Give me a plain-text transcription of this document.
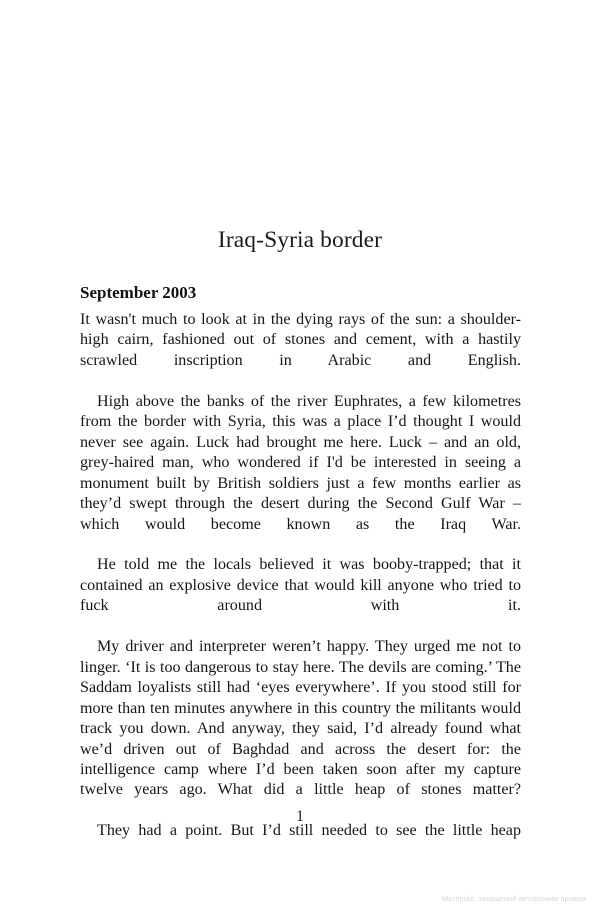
Iraq-Syria border
September 2003

It wasn't much to look at in the dying rays of the sun: a shoulder-high cairn, fashioned out of stones and cement, with a hastily scrawled inscription in Arabic and English.

High above the banks of the river Euphrates, a few kilometres from the border with Syria, this was a place I’d thought I would never see again. Luck had brought me here. Luck – and an old, grey-haired man, who wondered if I'd be interested in seeing a monument built by British soldiers just a few months earlier as they’d swept through the desert during the Second Gulf War – which would become known as the Iraq War.

He told me the locals believed it was booby-trapped; that it contained an explosive device that would kill anyone who tried to fuck around with it.

My driver and interpreter weren’t happy. They urged me not to linger. ‘It is too dangerous to stay here. The devils are coming.’ The Saddam loyalists still had ‘eyes everywhere’. If you stood still for more than ten minutes anywhere in this country the militants would track you down. And anyway, they said, I’d already found what we’d driven out of Baghdad and across the desert for: the intelligence camp where I’d been taken soon after my capture twelve years ago. What did a little heap of stones matter?

They had a point. But I’d still needed to see the little heap

1
Матеріал, захищений авторським правом
